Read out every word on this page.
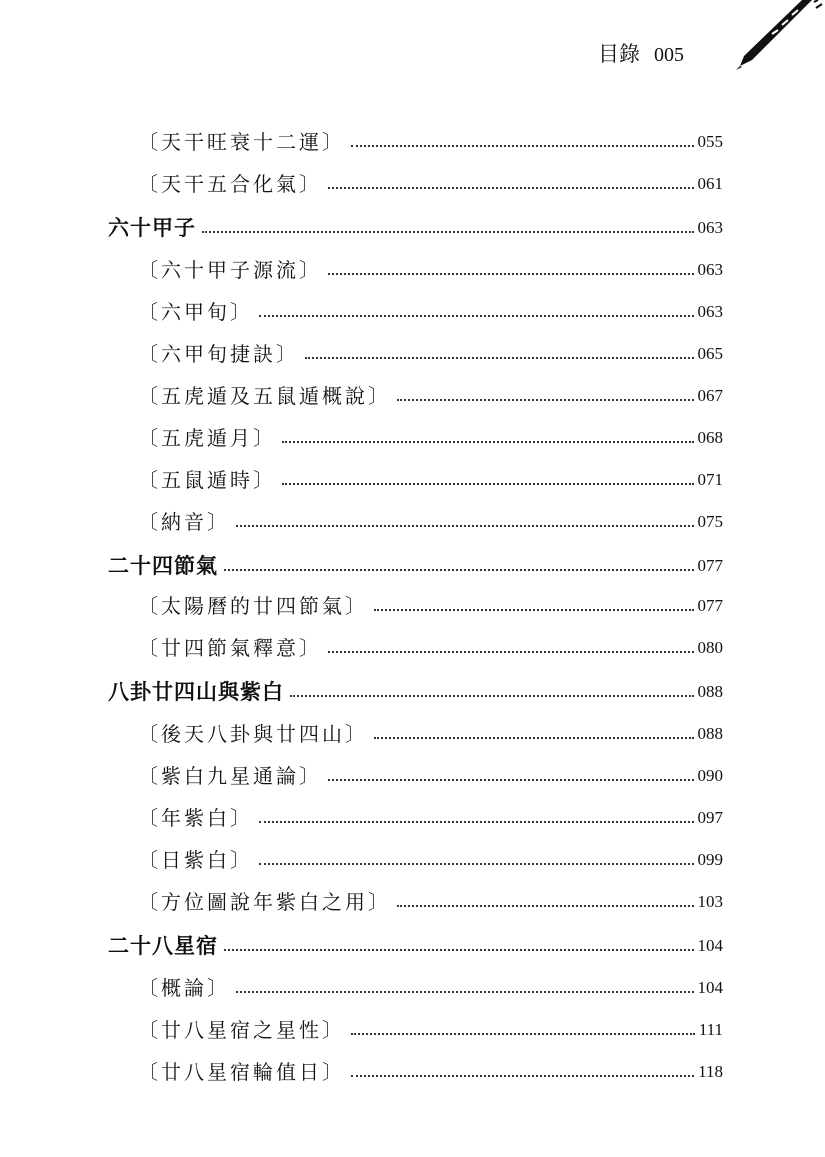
目錄 005
〔天干旺衰十二運〕	055
〔天干五合化氣〕	061
六十甲子	063
〔六十甲子源流〕	063
〔六甲旬〕	063
〔六甲旬捷訣〕	065
〔五虎遁及五鼠遁概說〕	067
〔五虎遁月〕	068
〔五鼠遁時〕	071
〔納音〕	075
二十四節氣	077
〔太陽曆的廿四節氣〕	077
〔廿四節氣釋意〕	080
八卦廿四山與紫白	088
〔後天八卦與廿四山〕	088
〔紫白九星通論〕	090
〔年紫白〕	097
〔日紫白〕	099
〔方位圖說年紫白之用〕	103
二十八星宿	104
〔概論〕	104
〔廿八星宿之星性〕	111
〔廿八星宿輪值日〕	118
